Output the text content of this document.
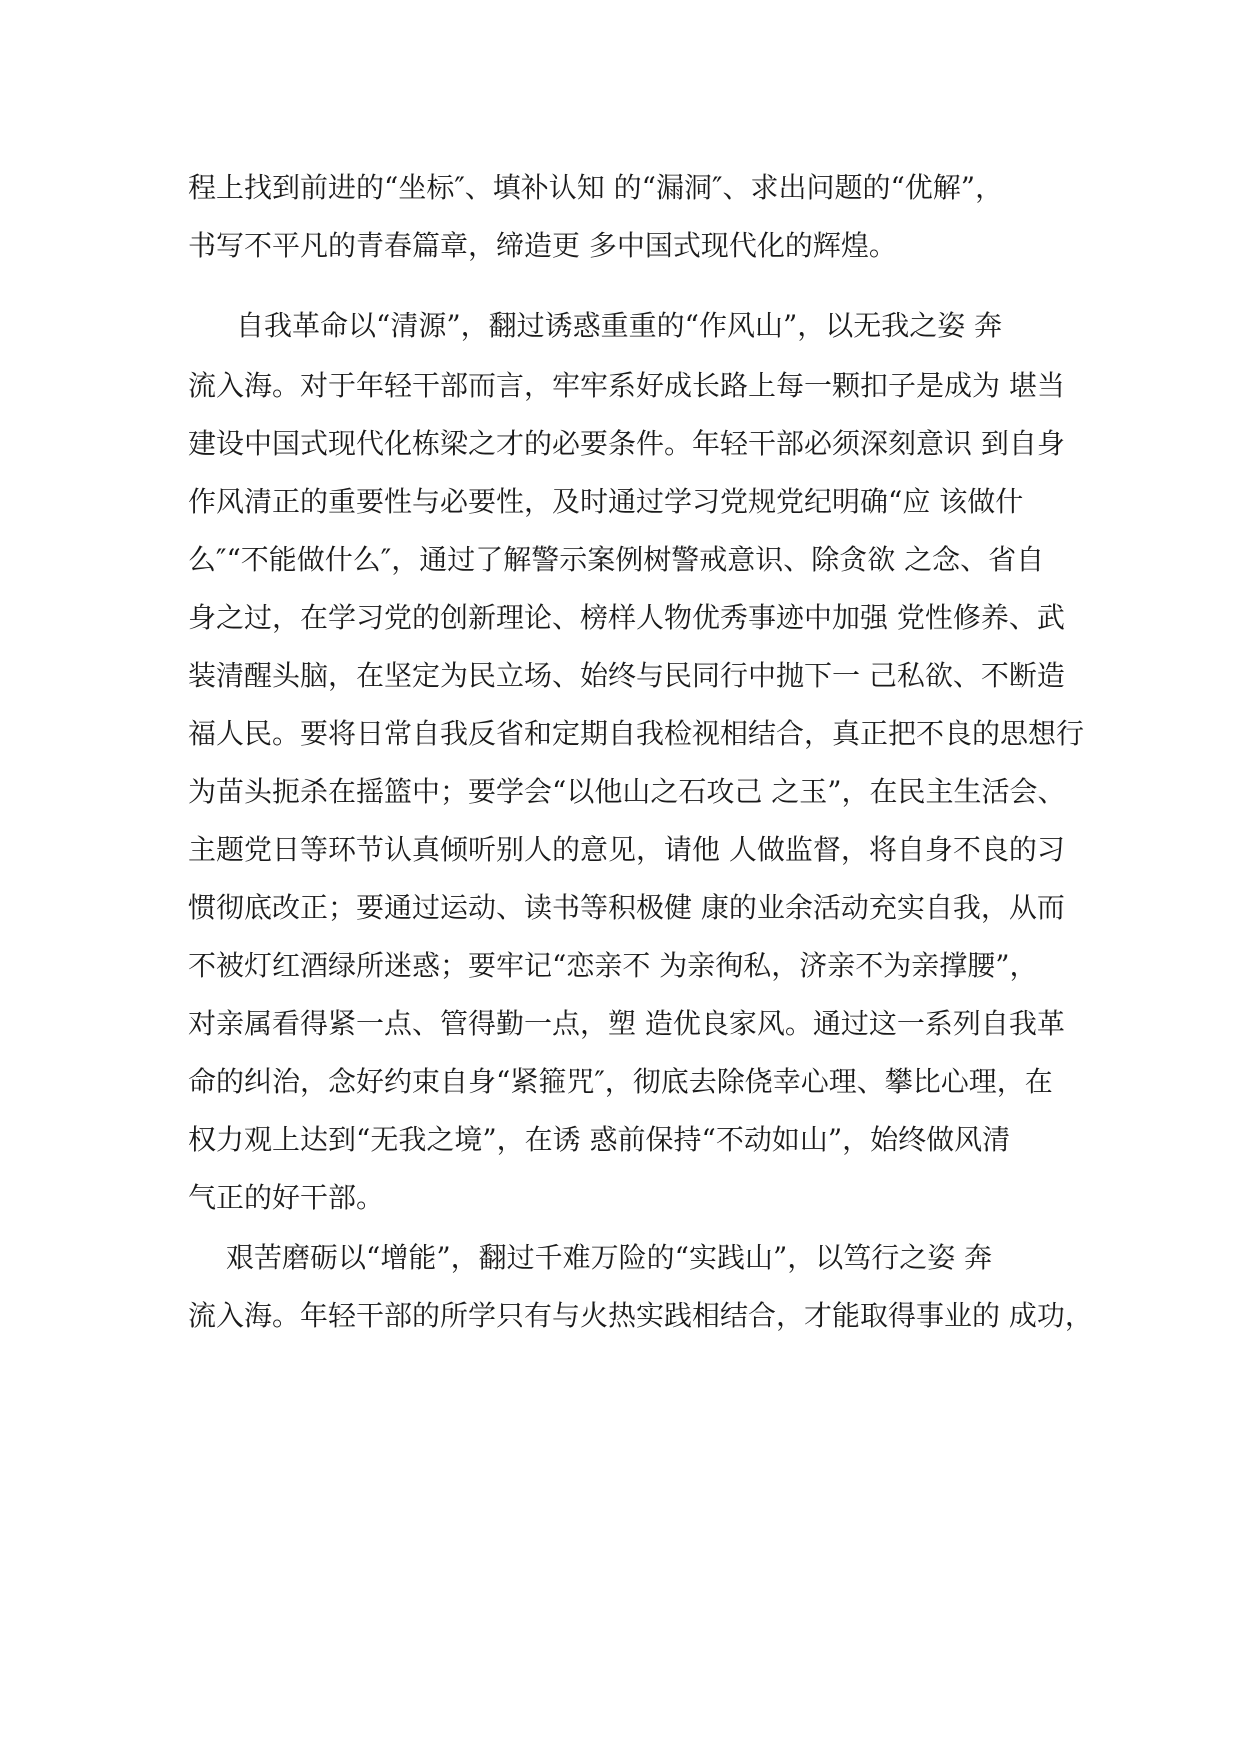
程上找到前进的“坐标″、填补认知 的“漏洞″、求出问题的“优解”，
书写不平凡的青春篇章，缔造更 多中国式现代化的辉煌。
自我革命以“清源”，翻过诱惑重重的“作风山”，以无我之姿 奔
流入海。对于年轻干部而言，牢牢系好成长路上每一颗扣子是成为 堪当
建设中国式现代化栋梁之才的必要条件。年轻干部必须深刻意识 到自身
作风清正的重要性与必要性，及时通过学习党规党纪明确“应 该做什
么″“不能做什么″，通过了解警示案例树警戒意识、除贪欲 之念、省自
身之过，在学习党的创新理论、榜样人物优秀事迹中加强 党性修养、武
装清醒头脑，在坚定为民立场、始终与民同行中抛下一 己私欲、不断造
福人民。要将日常自我反省和定期自我检视相结合，真正把不良的思想行
为苗头扼杀在摇篮中；要学会“以他山之石攻己 之玉”，在民主生活会、
主题党日等环节认真倾听别人的意见，请他 人做监督，将自身不良的习
惯彻底改正；要通过运动、读书等积极健 康的业余活动充实自我，从而
不被灯红酒绿所迷惑；要牢记“恋亲不 为亲徇私，济亲不为亲撑腰”，
对亲属看得紧一点、管得勤一点，塑 造优良家风。通过这一系列自我革
命的纠治，念好约束自身“紧箍咒″，彻底去除侥幸心理、攀比心理，在
权力观上达到“无我之境”，在诱 惑前保持“不动如山”，始终做风清
气正的好干部。
艰苦磨砺以“增能”，翻过千难万险的“实践山”，以笃行之姿 奔
流入海。年轻干部的所学只有与火热实践相结合，才能取得事业的 成功，
